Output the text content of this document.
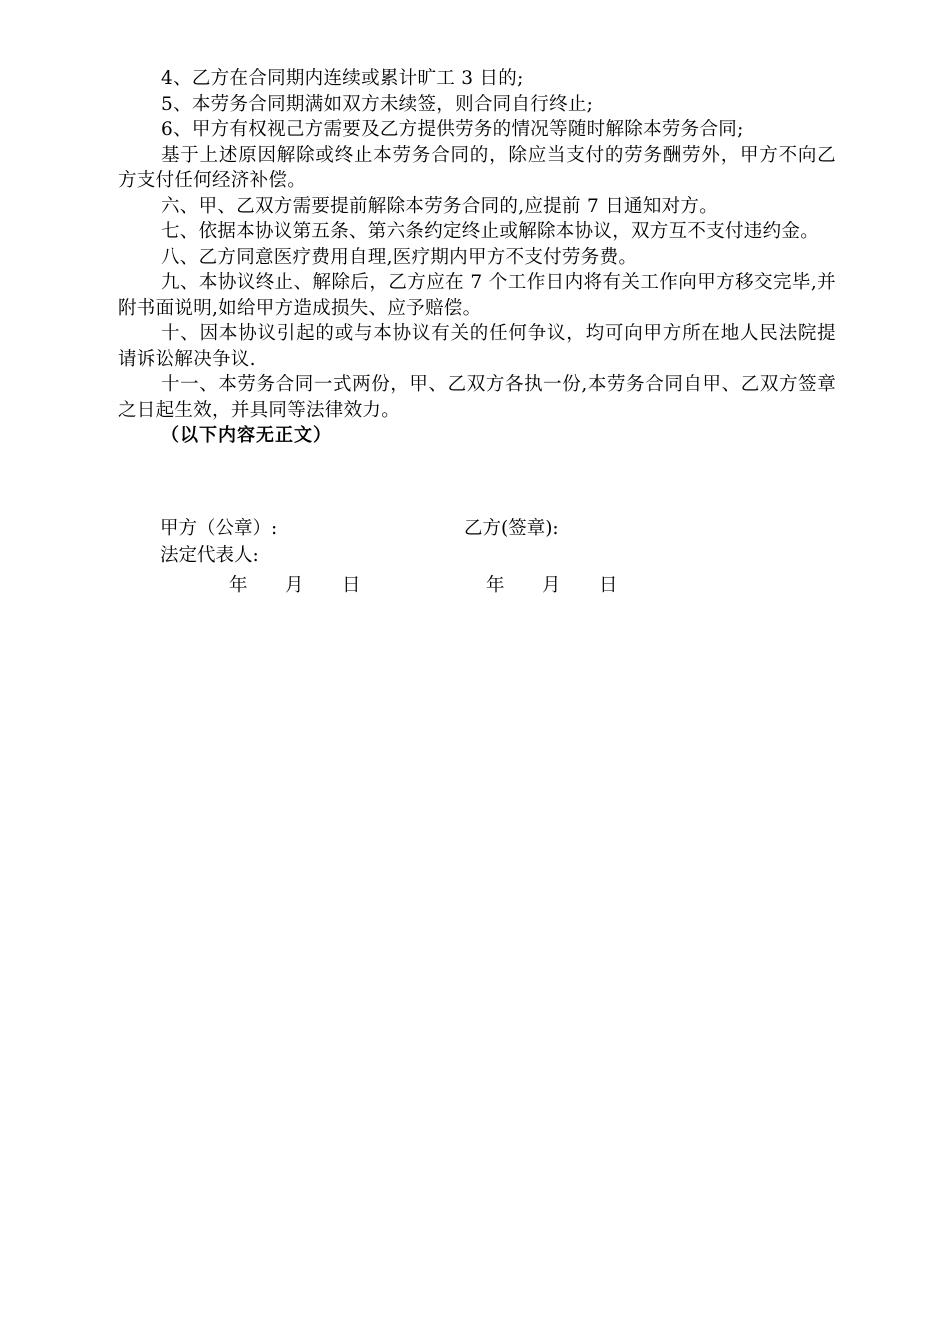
4、乙方在合同期内连续或累计旷工 3 日的;

5、本劳务合同期满如双方未续签，则合同自行终止;

6、甲方有权视己方需要及乙方提供劳务的情况等随时解除本劳务合同;

基于上述原因解除或终止本劳务合同的，除应当支付的劳务酬劳外，甲方不向乙方支付任何经济补偿。

六、甲、乙双方需要提前解除本劳务合同的,应提前 7 日通知对方。

七、依据本协议第五条、第六条约定终止或解除本协议，双方互不支付违约金。

八、乙方同意医疗费用自理,医疗期内甲方不支付劳务费。

九、本协议终止、解除后，乙方应在 7 个工作日内将有关工作向甲方移交完毕,并附书面说明,如给甲方造成损失、应予赔偿。

十、因本协议引起的或与本协议有关的任何争议，均可向甲方所在地人民法院提请诉讼解决争议.

十一、本劳务合同一式两份，甲、乙双方各执一份,本劳务合同自甲、乙双方签章之日起生效，并具同等法律效力。

（以下内容无正文）

甲方（公章）:	乙方(签章):
法定代表人:
年 月 日	年 月 日
